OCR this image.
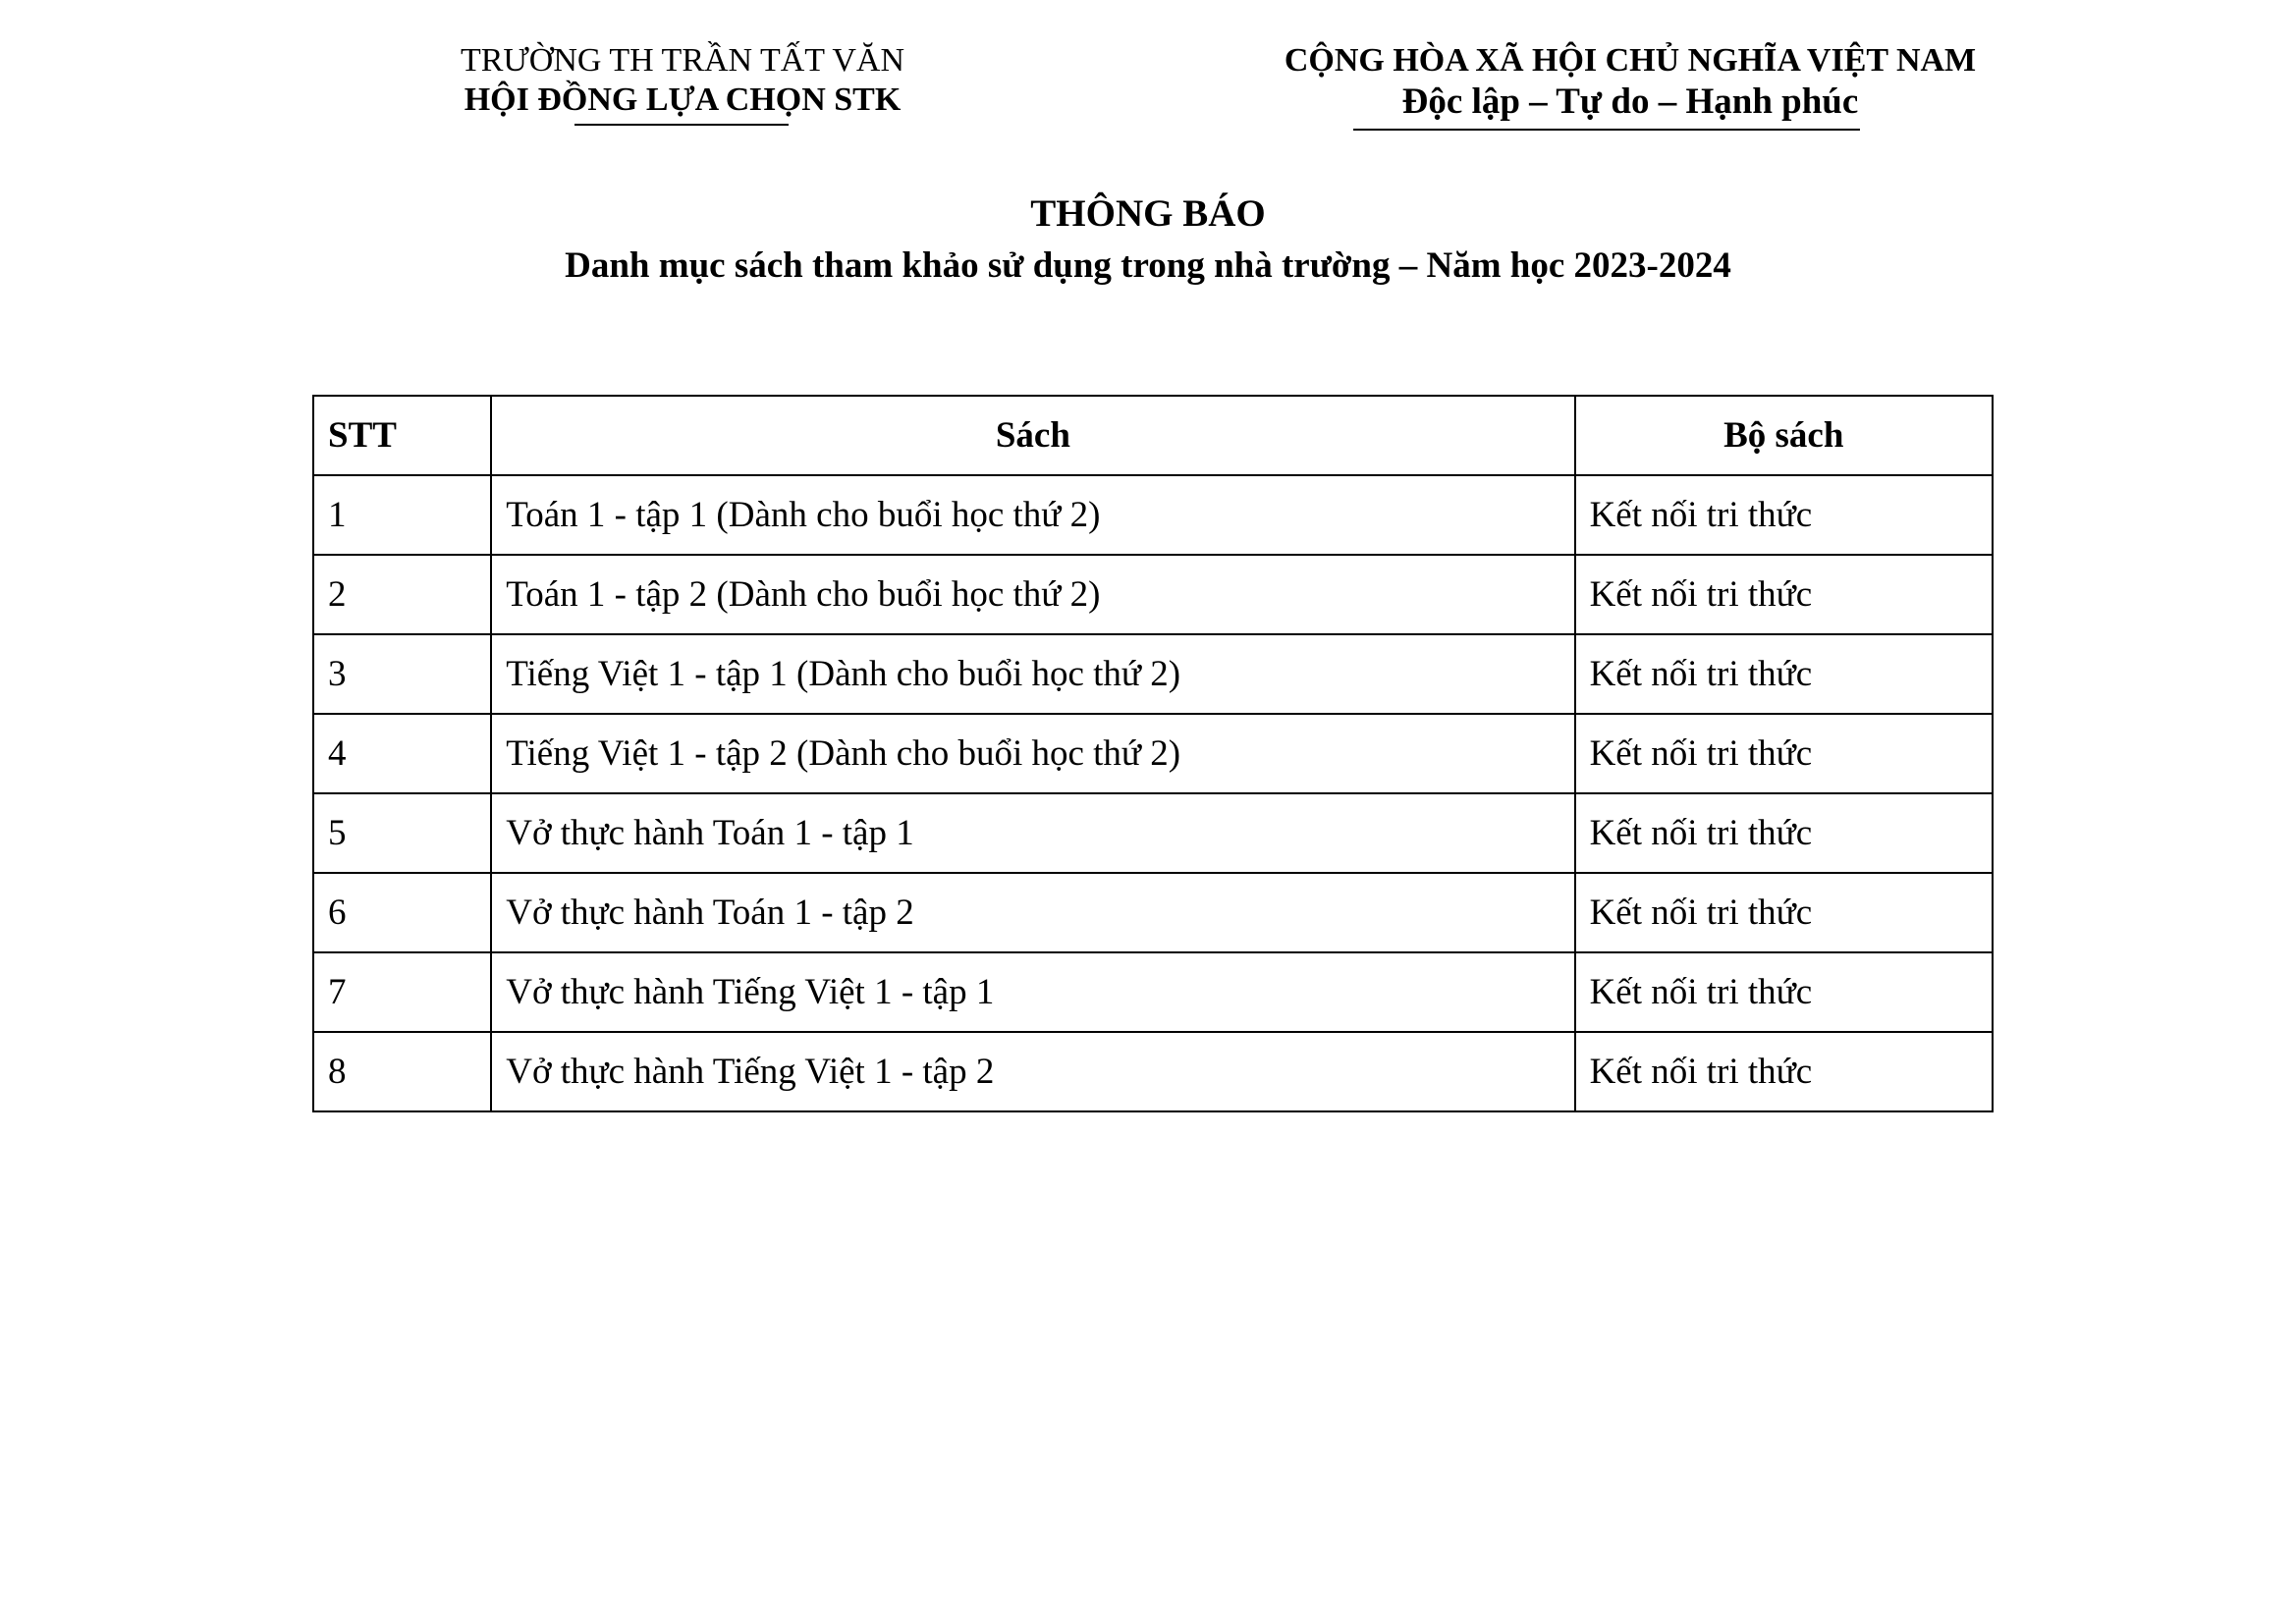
TRƯỜNG TH TRẦN TẤT VĂN
HỘI ĐỒNG LỰA CHỌN STK
CỘNG HÒA XÃ HỘI CHỦ NGHĨA VIỆT NAM
Độc lập – Tự do – Hạnh phúc
THÔNG BÁO
Danh mục sách tham khảo sử dụng trong nhà trường – Năm học 2023-2024
STT	Sách	Bộ sách
1	Toán 1 - tập 1 (Dành cho buổi học thứ 2)	Kết nối tri thức
2	Toán 1 - tập 2 (Dành cho buổi học thứ 2)	Kết nối tri thức
3	Tiếng Việt 1 - tập 1 (Dành cho buổi học thứ 2)	Kết nối tri thức
4	Tiếng Việt 1 - tập 2 (Dành cho buổi học thứ 2)	Kết nối tri thức
5	Vở thực hành Toán 1 - tập 1	Kết nối tri thức
6	Vở thực hành Toán 1 - tập 2	Kết nối tri thức
7	Vở thực hành Tiếng Việt 1 - tập 1	Kết nối tri thức
8	Vở thực hành Tiếng Việt 1 - tập 2	Kết nối tri thức
